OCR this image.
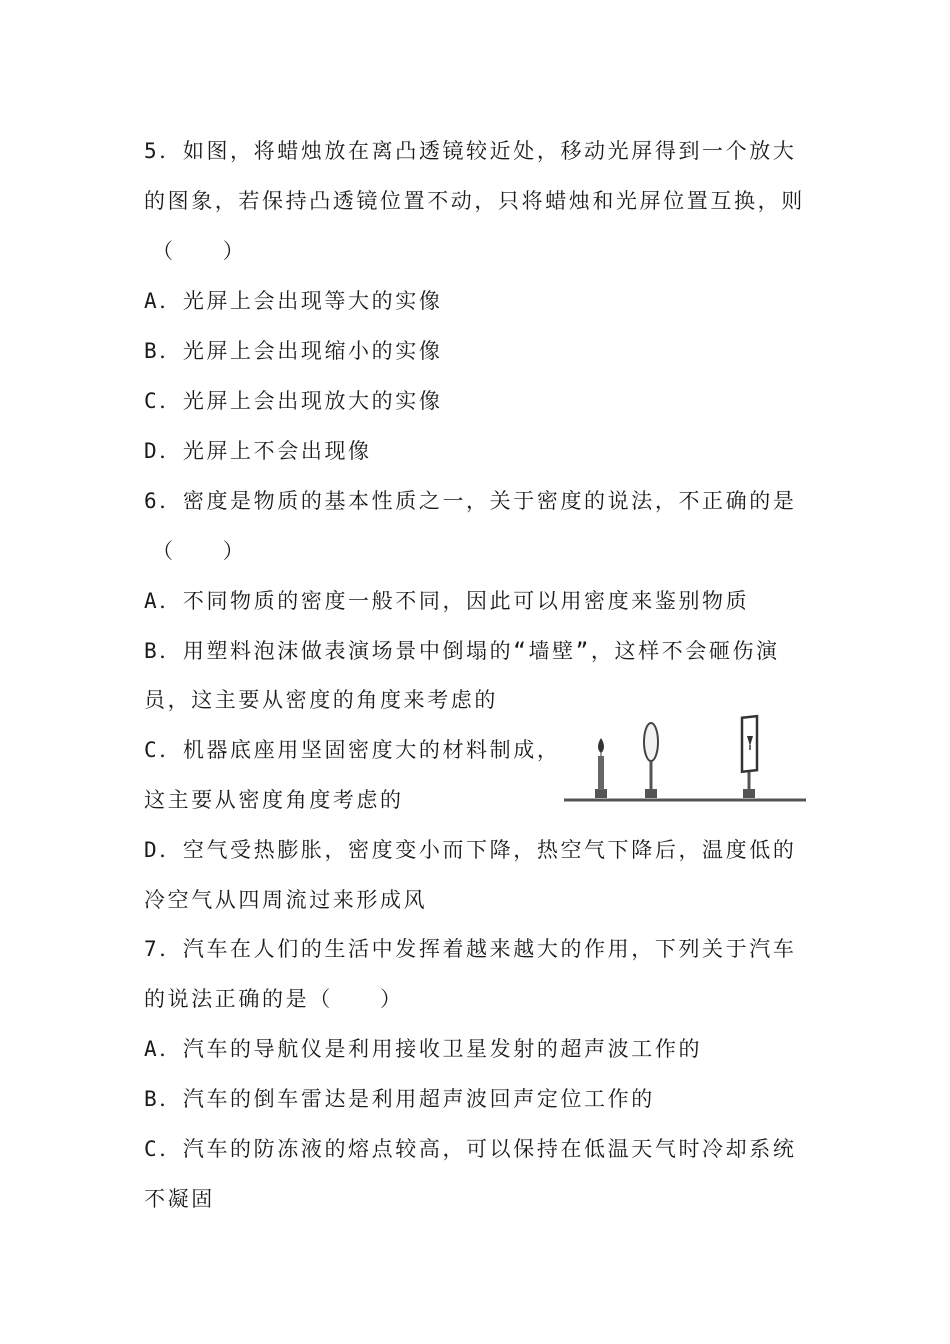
5．如图，将蜡烛放在离凸透镜较近处，移动光屏得到一个放大
的图象，若保持凸透镜位置不动，只将蜡烛和光屏位置互换，则
（　　）
A．光屏上会出现等大的实像
B．光屏上会出现缩小的实像
C．光屏上会出现放大的实像
D．光屏上不会出现像
6．密度是物质的基本性质之一，关于密度的说法，不正确的是
（　　）
A．不同物质的密度一般不同，因此可以用密度来鉴别物质
B．用塑料泡沫做表演场景中倒塌的“墙壁”，这样不会砸伤演
员，这主要从密度的角度来考虑的
C．机器底座用坚固密度大的材料制成，
这主要从密度角度考虑的
D．空气受热膨胀，密度变小而下降，热空气下降后，温度低的
冷空气从四周流过来形成风
7．汽车在人们的生活中发挥着越来越大的作用，下列关于汽车
的说法正确的是（　　）
A．汽车的导航仪是利用接收卫星发射的超声波工作的
B．汽车的倒车雷达是利用超声波回声定位工作的
C．汽车的防冻液的熔点较高，可以保持在低温天气时冷却系统
不凝固
